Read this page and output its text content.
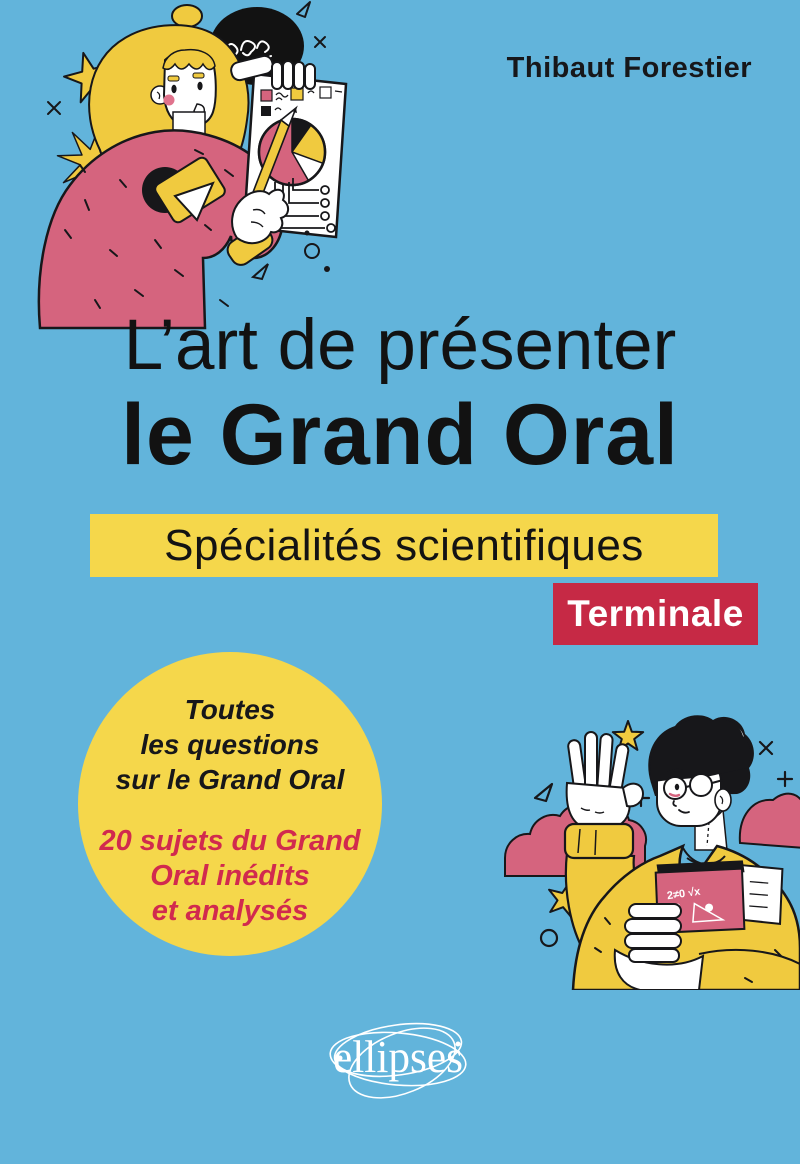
Thibaut Forestier
L’art de présenter
le Grand Oral
Spécialités scientifiques
Terminale
Toutes
les questions
sur le Grand Oral
20 sujets du Grand
Oral inédits
et analysés
2≠0 √x
ellipses
